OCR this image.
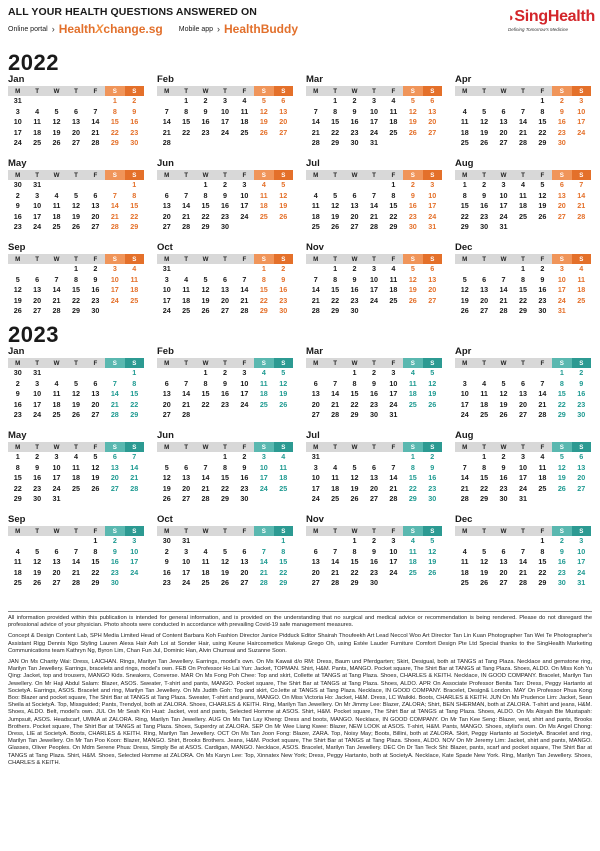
ALL YOUR HEALTH QUESTIONS ANSWERED ON
Online portal › HealthXchange.sg Mobile app › HealthBuddy
◗SingHealth
Defining Tomorrow's Medicine
2022
Jan
M	T	W	T	F	S	S
31					1	2
3	4	5	6	7	8	9
10	11	12	13	14	15	16
17	18	19	20	21	22	23
24	25	26	27	28	29	30
Feb
M	T	W	T	F	S	S
	1	2	3	4	5	6
7	8	9	10	11	12	13
14	15	16	17	18	19	20
21	22	23	24	25	26	27
28						
Mar
M	T	W	T	F	S	S
	1	2	3	4	5	6
7	8	9	10	11	12	13
14	15	16	17	18	19	20
21	22	23	24	25	26	27
28	29	30	31			
Apr
M	T	W	T	F	S	S
				1	2	3
4	5	6	7	8	9	10
11	12	13	14	15	16	17
18	19	20	21	22	23	24
25	26	27	28	29	30	
May
M	T	W	T	F	S	S
30	31					1
2	3	4	5	6	7	8
9	10	11	12	13	14	15
16	17	18	19	20	21	22
23	24	25	26	27	28	29
Jun
M	T	W	T	F	S	S
		1	2	3	4	5
6	7	8	9	10	11	12
13	14	15	16	17	18	19
20	21	22	23	24	25	26
27	28	29	30			
Jul
M	T	W	T	F	S	S
				1	2	3
4	5	6	7	8	9	10
11	12	13	14	15	16	17
18	19	20	21	22	23	24
25	26	27	28	29	30	31
Aug
M	T	W	T	F	S	S
1	2	3	4	5	6	7
8	9	10	11	12	13	14
15	16	17	18	19	20	21
22	23	24	25	26	27	28
29	30	31				
Sep
M	T	W	T	F	S	S
			1	2	3	4
5	6	7	8	9	10	11
12	13	14	15	16	17	18
19	20	21	22	23	24	25
26	27	28	29	30		
Oct
M	T	W	T	F	S	S
31					1	2
3	4	5	6	7	8	9
10	11	12	13	14	15	16
17	18	19	20	21	22	23
24	25	26	27	28	29	30
Nov
M	T	W	T	F	S	S
	1	2	3	4	5	6
7	8	9	10	11	12	13
14	15	16	17	18	19	20
21	22	23	24	25	26	27
28	29	30				
Dec
M	T	W	T	F	S	S
			1	2	3	4
5	6	7	8	9	10	11
12	13	14	15	16	17	18
19	20	21	22	23	24	25
26	27	28	29	30	31	
2023
Jan
M	T	W	T	F	S	S
30	31					1
2	3	4	5	6	7	8
9	10	11	12	13	14	15
16	17	18	19	20	21	22
23	24	25	26	27	28	29
Feb
M	T	W	T	F	S	S
		1	2	3	4	5
6	7	8	9	10	11	12
13	14	15	16	17	18	19
20	21	22	23	24	25	26
27	28					
Mar
M	T	W	T	F	S	S
		1	2	3	4	5
6	7	8	9	10	11	12
13	14	15	16	17	18	19
20	21	22	23	24	25	26
27	28	29	30	31		
Apr
M	T	W	T	F	S	S
					1	2
3	4	5	6	7	8	9
10	11	12	13	14	15	16
17	18	19	20	21	22	23
24	25	26	27	28	29	30
May
M	T	W	T	F	S	S
1	2	3	4	5	6	7
8	9	10	11	12	13	14
15	16	17	18	19	20	21
22	23	24	25	26	27	28
29	30	31				
Jun
M	T	W	T	F	S	S
			1	2	3	4
5	6	7	8	9	10	11
12	13	14	15	16	17	18
19	20	21	22	23	24	25
26	27	28	29	30		
Jul
M	T	W	T	F	S	S
31					1	2
3	4	5	6	7	8	9
10	11	12	13	14	15	16
17	18	19	20	21	22	23
24	25	26	27	28	29	30
Aug
M	T	W	T	F	S	S
	1	2	3	4	5	6
7	8	9	10	11	12	13
14	15	16	17	18	19	20
21	22	23	24	25	26	27
28	29	30	31			
Sep
M	T	W	T	F	S	S
				1	2	3
4	5	6	7	8	9	10
11	12	13	14	15	16	17
18	19	20	21	22	23	24
25	26	27	28	29	30	
Oct
M	T	W	T	F	S	S
30	31					1
2	3	4	5	6	7	8
9	10	11	12	13	14	15
16	17	18	19	20	21	22
23	24	25	26	27	28	29
Nov
M	T	W	T	F	S	S
		1	2	3	4	5
6	7	8	9	10	11	12
13	14	15	16	17	18	19
20	21	22	23	24	25	26
27	28	29	30			
Dec
M	T	W	T	F	S	S
				1	2	3
4	5	6	7	8	9	10
11	12	13	14	15	16	17
18	19	20	21	22	23	24
25	26	27	28	29	30	31

All information provided within this publication is intended for general information, and is provided on the understanding that no surgical and medical advice or recommendation is being rendered. Please do not disregard the professional advice of your physician. Photo shoots were conducted in accordance with prevailing Covid-19 safe management measures.

Concept & Design Content Lab, SPH Media Limited Head of Content Barbara Koh Fashion Director Janice Pidduck Editor Shairah Thoufeekh Art Lead Neccol Woo Art Director Tan Lin Kuan Photographer Tan Wei Te Photographer's Assistant Rigg Dennis Ngo Styling Lauren Alexa Hair Ash Loi at Sonder Hair, using Keune Haircosmetics Makeup Grego Oh, using Estée Lauder Furniture Comfort Design Pte Ltd Special thanks to the SingHealth Marketing Communications team Kathryn Ng, Byron Lim, Chan Fun Jul, Dominic Han, Alvin Chumsai and Suzanne Soon.

JAN On Ms Charity Wai: Dress, LAICHAN. Rings, Marilyn Tan Jewellery. Earrings, model's own. On Ms Kawaii d/o RM: Dress, Baum und Pferdgarten; Skirt, Desigual, both at TANGS at Tang Plaza. Necklace and gemstone ring, Marilyn Tan Jewellery. Earrings, bracelets and rings, model's own. FEB On Professor Ho Lai Yun: Jacket, TOPMAN. Shirt, H&M. Pants, MANGO. Pocket square, The Shirt Bar at TANGS at Tang Plaza. Shoes, ALDO. On Miss Koh Yu Qing: Jacket, top and trousers, MANGO Kids. Sneakers, Converse. MAR On Ms Fong Poh Chee: Top and skirt, Collette at TANGS at Tang Plaza. Shoes, CHARLES & KEITH. Necklace, IN GOOD COMPANY. Bracelet, Marilyn Tan Jewellery. On Mr Haji Abdul Salam: Blazer, ASOS. Sweater, T-shirt and pants, MANGO. Pocket square, The Shirt Bar at TANGS at Tang Plaza. Shoes, ALDO. APR On Associate Professor Benita Tan: Dress, Peggy Hartanto at SocietyA. Earrings, ASOS. Bracelet and ring, Marilyn Tan Jewellery. On Ms Judith Goh: Top and skirt, Co.lette at TANGS at Tang Plaza. Necklace, IN GOOD COMPANY. Bracelet, Design& London. MAY On Professor Phua Kong Boo: Blazer and pocket square, The Shirt Bar at TANGS at Tang Plaza. Sweater, T-shirt and jeans, MANGO. On Miss Victoria Ho: Jacket, H&M. Dress, LC Waikiki. Boots, CHARLES & KEITH. JUN On Ms Prudence Lim: Jacket, Sean Sheila at SocietyA. Top, Missguided; Pants, Trendyol, both at ZALORA. Shoes, CHARLES & KEITH. Ring, Marilyn Tan Jewellery. On Mr Jimmy Lee: Blazer, ZALORA; Shirt, BEN SHERMAN, both at ZALORA. T-shirt and jeans, H&M. Shoes, ALDO. Belt, model's own. JUL On Mr Seah Kin Huat: Jacket, vest and pants, Selected Homme at ASOS. Shirt, H&M. Pocket square, The Shirt Bar at TANGS at Tang Plaza. Shoes, ALDO. On Ms Aisyah Bte Mustapah: Jumpsuit, ASOS. Headscarf, UMMA at ZALORA. Ring, Marilyn Tan Jewellery. AUG On Ms Tan Lay Kheng: Dress and boots, MANGO. Necklace, IN GOOD COMPANY. On Mr Tan Kee Seng: Blazer, vest, shirt and pants, Brooks Brothers. Pocket square, The Shirt Bar at TANGS at Tang Plaza. Shoes, Superdry at ZALORA. SEP On Mr Wee Liang Kwee: Blazer, NEW LOOK at ASOS. T-shirt, H&M. Pants, MANGO. Shoes, stylist's own. On Ms Angel Chong: Dress, LIE at SocietyA. Boots, CHARLES & KEITH. Ring, Marilyn Tan Jewellery. OCT On Ms Tan Joon Fong: Blazer, ZARA. Top, Noisy May; Boots, Billini, both at ZALORA. Skirt, Peggy Hartanto at SocietyA. Bracelet and ring, Marilyn Tan Jewellery. On Mr Tan Poo Koon: Blazer, MANGO. Shirt, Brooks Brothers. Jeans, H&M. Pocket square, The Shirt Bar at TANGS at Tang Plaza. Shoes, ALDO. NOV On Mr Jeremy Lim: Jacket, shirt and pants, MANGO. Glasses, Oliver Peoples. On Mdm Serene Phua: Dress, Simply Be at ASOS. Cardigan, MANGO. Necklace, ASOS. Bracelet, Marilyn Tan Jewellery. DEC On Dr Tan Teck Shi: Blazer, pants, scarf and pocket square, The Shirt Bar at TANGS at Tang Plaza. Shirt, H&M. Shoes, Selected Homme at ZALORA. On Ms Karyn Lee: Top, Xinnatex New York; Dress, Peggy Hartanto, both at SocietyA. Necklace, Kate Spade New York. Ring, Marilyn Tan Jewellery. Shoes, CHARLES & KEITH.
